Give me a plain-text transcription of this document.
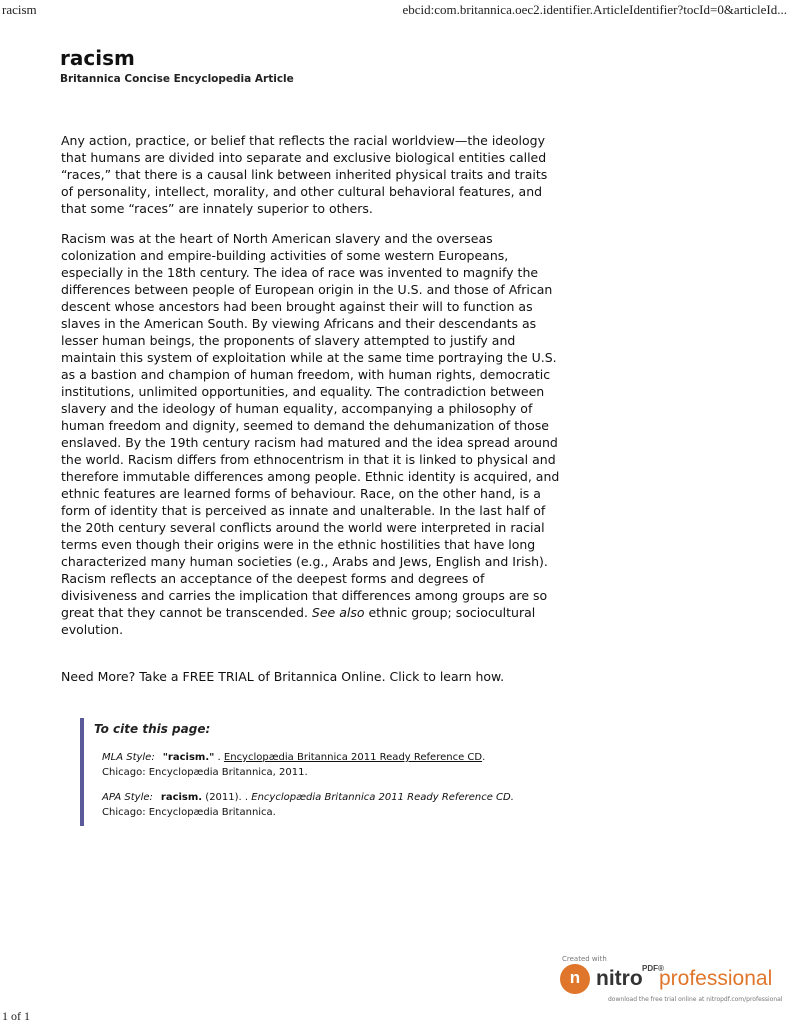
racism	ebcid:com.britannica.oec2.identifier.ArticleIdentifier?tocId=0&articleId...
racism
Britannica Concise Encyclopedia Article

Any action, practice, or belief that reflects the racial worldview—the ideology that humans are divided into separate and exclusive biological entities called “races,” that there is a causal link between inherited physical traits and traits of personality, intellect, morality, and other cultural behavioral features, and that some “races” are innately superior to others.

Racism was at the heart of North American slavery and the overseas colonization and empire-building activities of some western Europeans, especially in the 18th century. The idea of race was invented to magnify the differences between people of European origin in the U.S. and those of African descent whose ancestors had been brought against their will to function as slaves in the American South. By viewing Africans and their descendants as lesser human beings, the proponents of slavery attempted to justify and maintain this system of exploitation while at the same time portraying the U.S. as a bastion and champion of human freedom, with human rights, democratic institutions, unlimited opportunities, and equality. The contradiction between slavery and the ideology of human equality, accompanying a philosophy of human freedom and dignity, seemed to demand the dehumanization of those enslaved. By the 19th century racism had matured and the idea spread around the world. Racism differs from ethnocentrism in that it is linked to physical and therefore immutable differences among people. Ethnic identity is acquired, and ethnic features are learned forms of behaviour. Race, on the other hand, is a form of identity that is perceived as innate and unalterable. In the last half of the 20th century several conflicts around the world were interpreted in racial terms even though their origins were in the ethnic hostilities that have long characterized many human societies (e.g., Arabs and Jews, English and Irish). Racism reflects an acceptance of the deepest forms and degrees of divisiveness and carries the implication that differences among groups are so great that they cannot be transcended. See also ethnic group; sociocultural evolution.

Need More? Take a FREE TRIAL of Britannica Online. Click to learn how.

To cite this page:
MLA Style: "racism." . Encyclopædia Britannica 2011 Ready Reference CD.
Chicago: Encyclopædia Britannica, 2011.
APA Style: racism. (2011). . Encyclopædia Britannica 2011 Ready Reference CD.
Chicago: Encyclopædia Britannica.
Created with
n nitro PDF®
professional
download the free trial online at nitropdf.com/professional
1 of 1
